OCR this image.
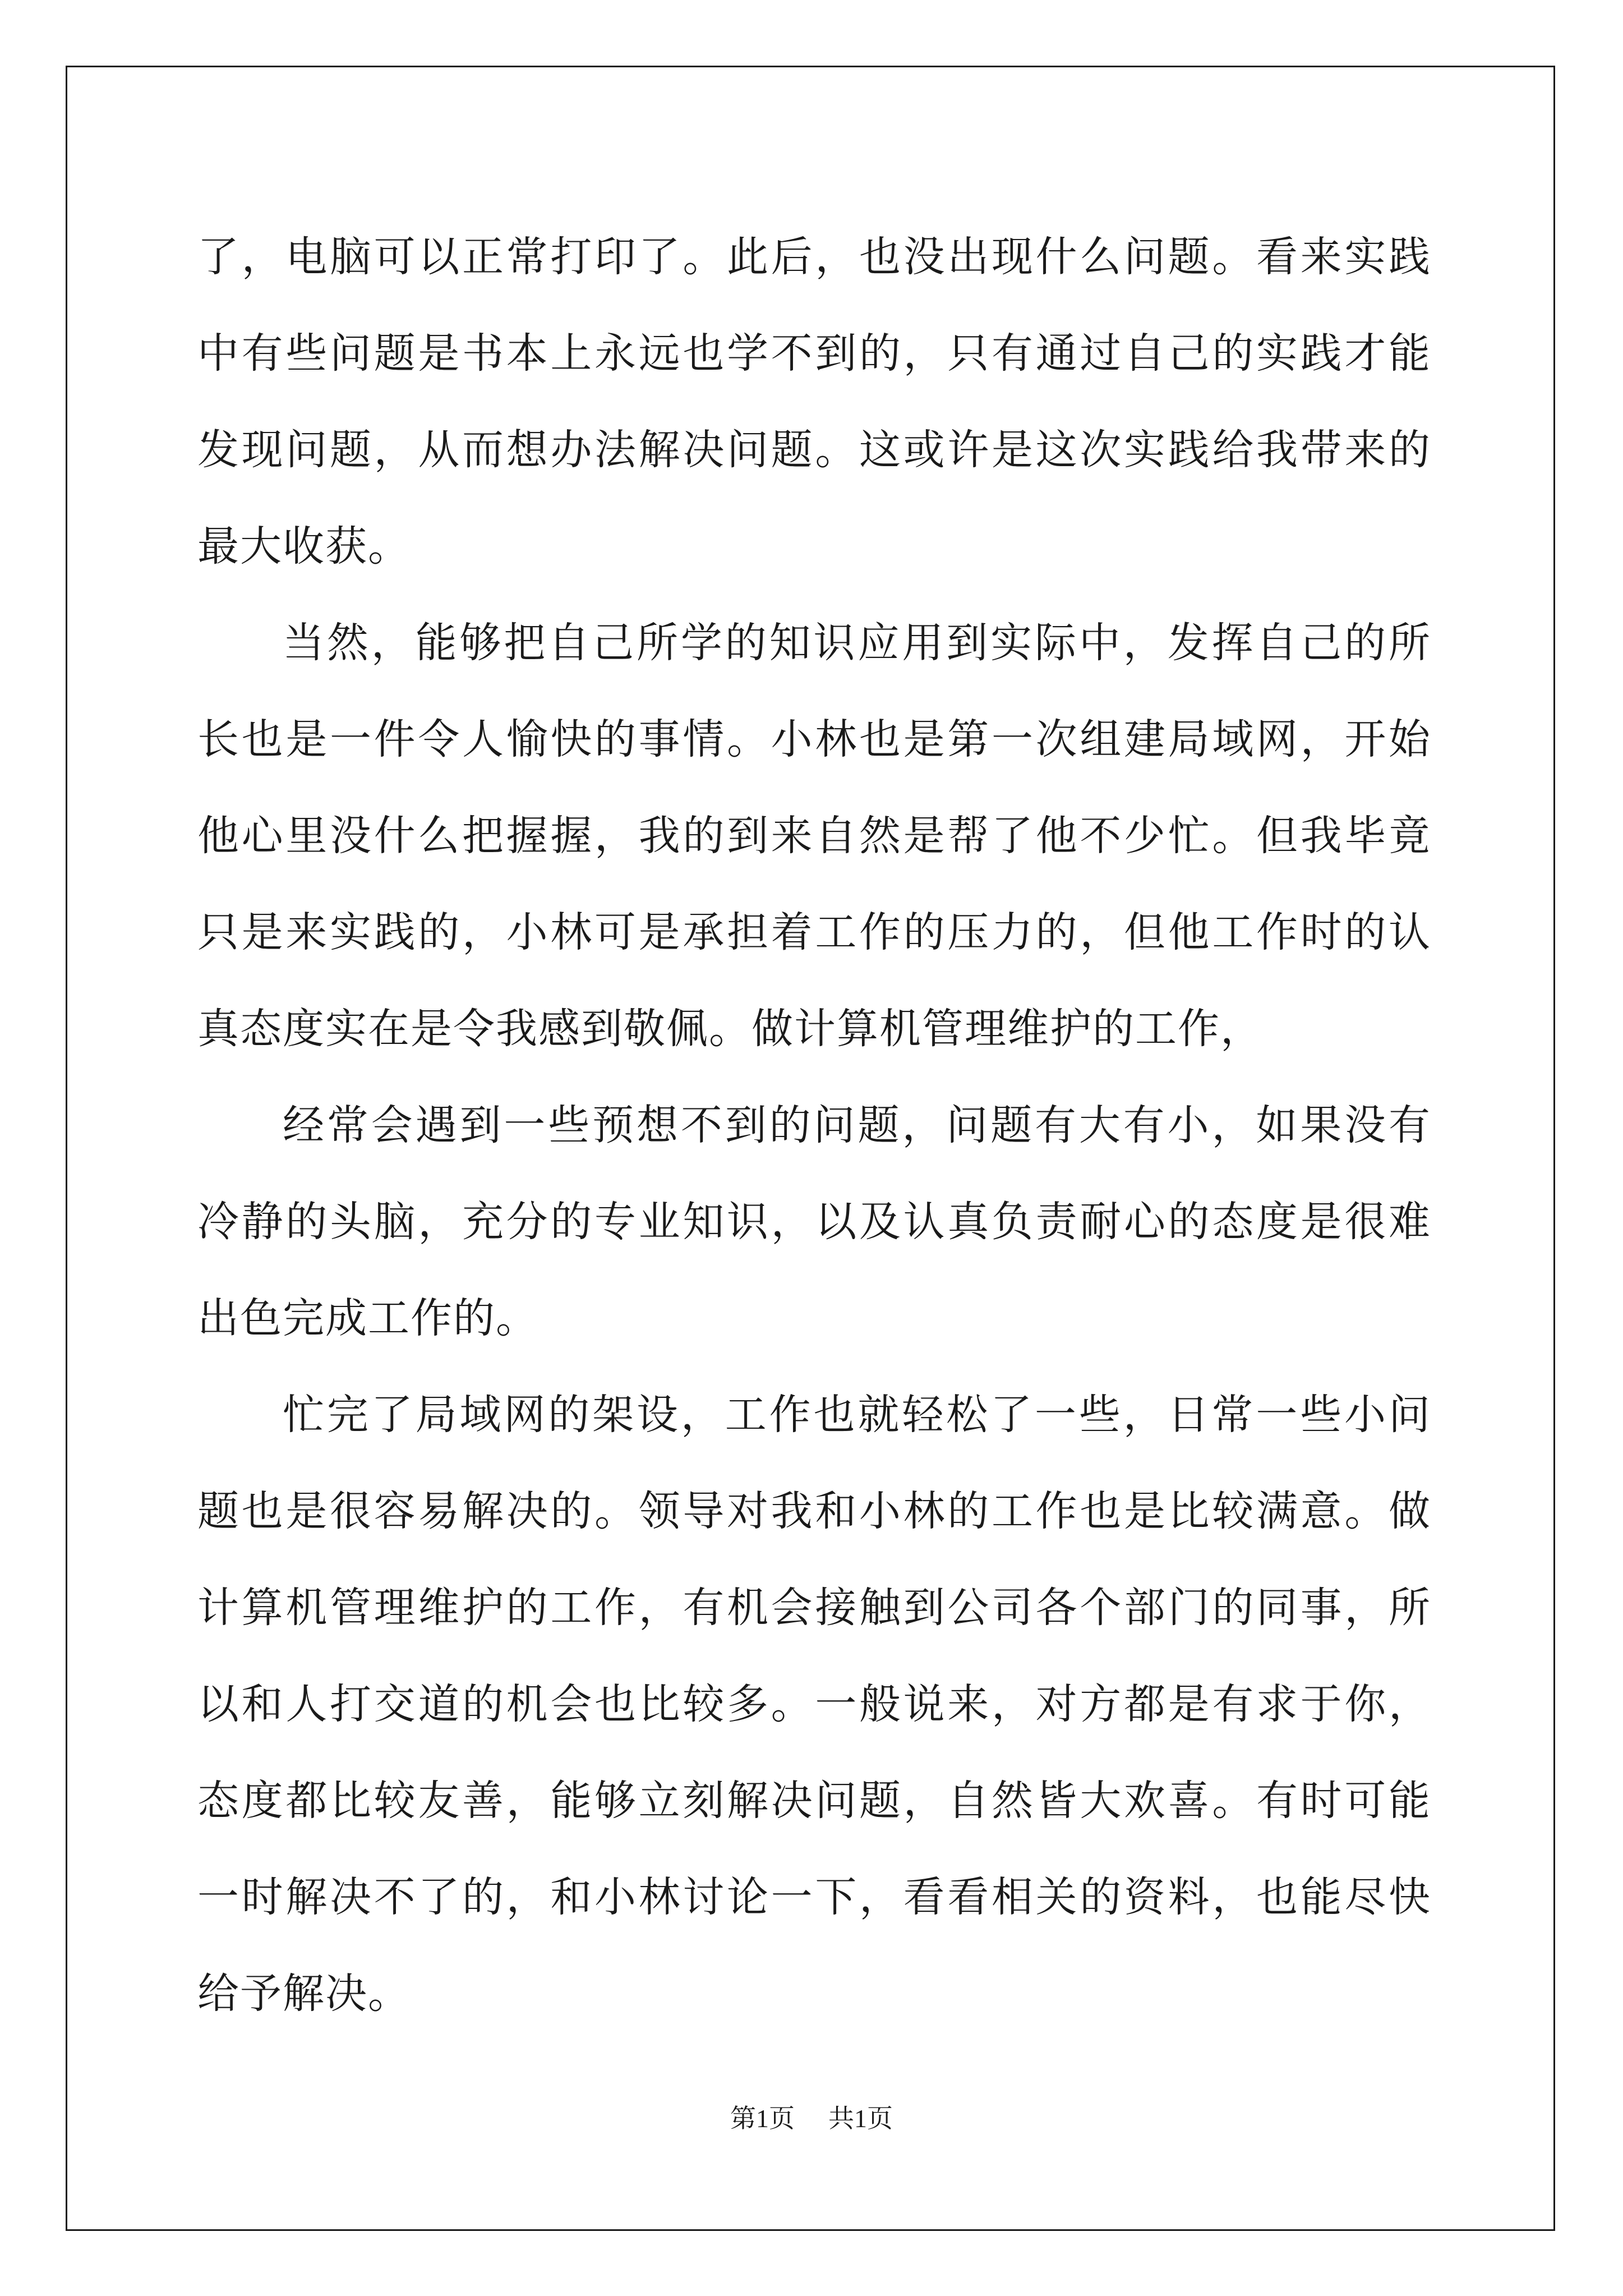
了，电脑可以正常打印了。此后，也没出现什么问题。看来实践中有些问题是书本上永远也学不到的，只有通过自己的实践才能发现问题，从而想办法解决问题。这或许是这次实践给我带来的最大收获。

当然，能够把自己所学的知识应用到实际中，发挥自己的所长也是一件令人愉快的事情。小林也是第一次组建局域网，开始他心里没什么把握握，我的到来自然是帮了他不少忙。但我毕竟只是来实践的，小林可是承担着工作的压力的，但他工作时的认真态度实在是令我感到敬佩。做计算机管理维护的工作，

经常会遇到一些预想不到的问题，问题有大有小，如果没有冷静的头脑，充分的专业知识，以及认真负责耐心的态度是很难出色完成工作的。

忙完了局域网的架设，工作也就轻松了一些，日常一些小问题也是很容易解决的。领导对我和小林的工作也是比较满意。做计算机管理维护的工作，有机会接触到公司各个部门的同事，所以和人打交道的机会也比较多。一般说来，对方都是有求于你，态度都比较友善，能够立刻解决问题，自然皆大欢喜。有时可能一时解决不了的，和小林讨论一下，看看相关的资料，也能尽快给予解决。

第1页 共1页
